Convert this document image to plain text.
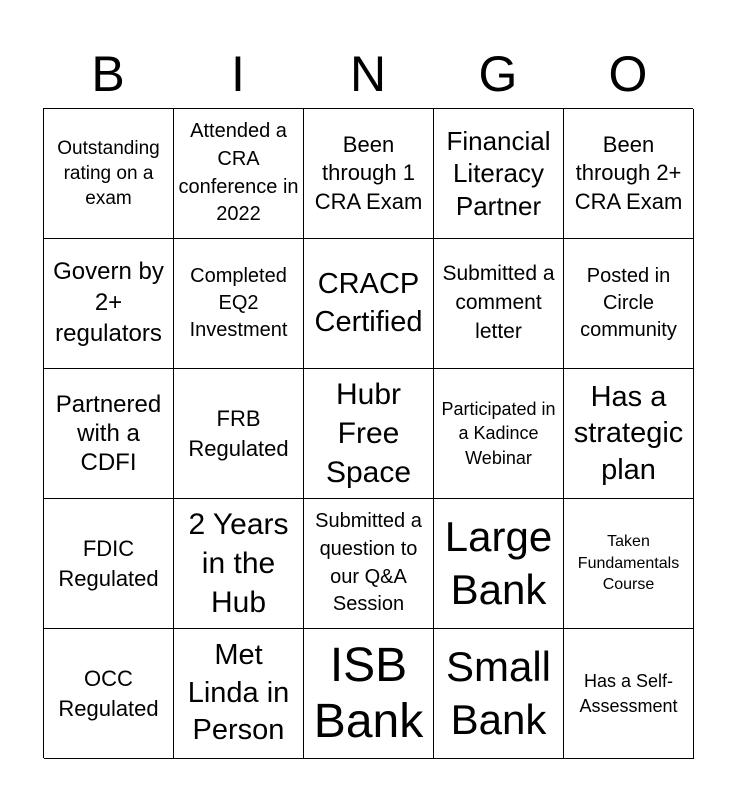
B	I	N	G	O
Outstanding rating on a exam
Attended a CRA conference in 2022
Been through 1 CRA Exam
Financial Literacy Partner
Been through 2+ CRA Exam
Govern by 2+ regulators
Completed EQ2 Investment
CRACP Certified
Submitted a comment letter
Posted in Circle community
Partnered with a CDFI
FRB Regulated
Hubr Free Space
Participated in a Kadince Webinar
Has a strategic plan
FDIC Regulated
2 Years in the Hub
Submitted a question to our Q&A Session
Large Bank
Taken Fundamentals Course
OCC Regulated
Met Linda in Person
ISB Bank
Small Bank
Has a Self-Assessment
